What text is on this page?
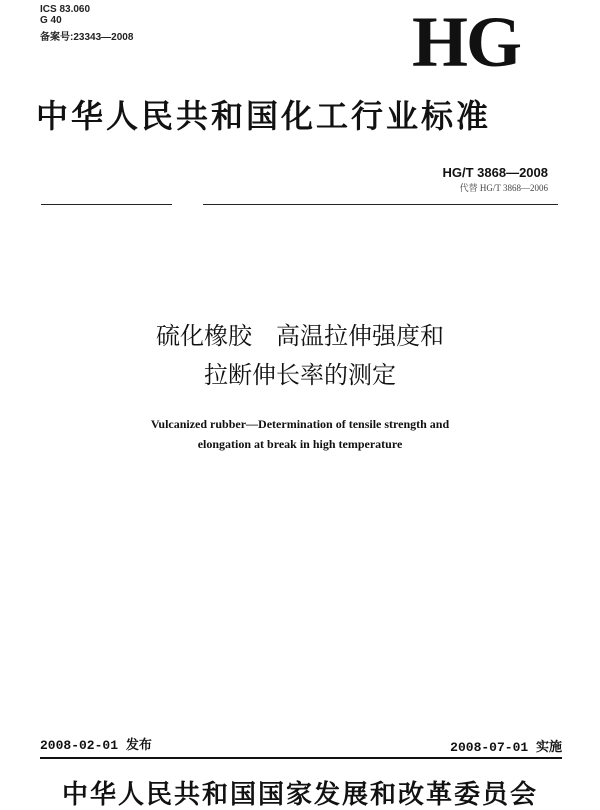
ICS 83.060
G 40
备案号:23343—2008	HG
中华人民共和国化工行业标准
HG/T 3868—2008
代替 HG/T 3868—2006
硫化橡胶　高温拉伸强度和
拉断伸长率的测定
Vulcanized rubber—Determination of tensile strength and
elongation at break in high temperature
2008-02-01 发布	2008-07-01 实施
中华人民共和国国家发展和改革委员会
